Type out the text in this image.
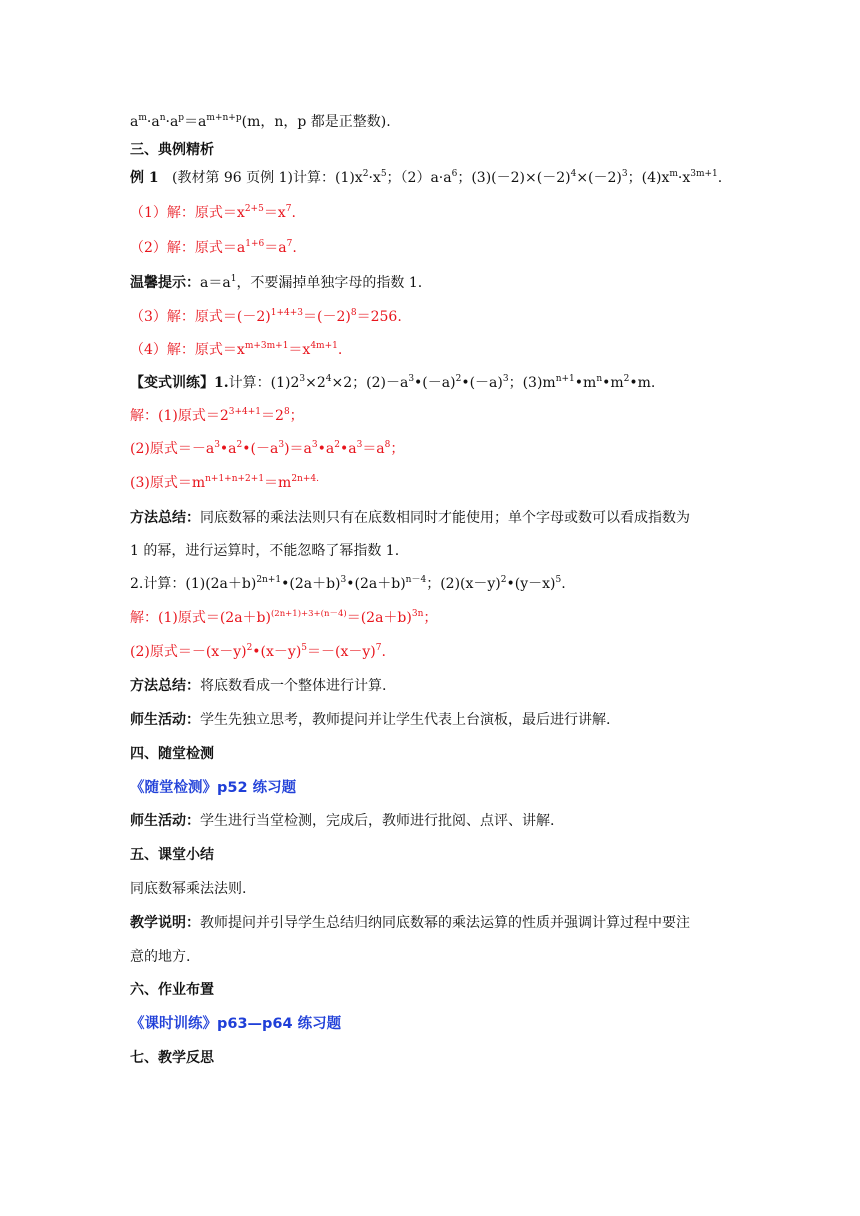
$a^m\cdot a^n\cdot a^p=a^{m+n+p}(m$，n，p 都是正整数).
三、典例精析
例 1 (教材第 96 页例 1)计算：$(1)x^2\cdot x^5$；$(2)a\cdot a^6$；$(3)(-2)\times(-2)^4\times(-2)^3$；$(4)x^m\cdot x^{3m+1}$.
（1）解：原式$=x^{2+5}=x^7$.
（2）解：原式$=a^{1+6}=a^7$.
温馨提示：$a=a^1$，不要漏掉单独字母的指数 1.
（3）解：原式$=(-2)^{1+4+3}=(-2)^8=256$.
（4）解：原式$=x^{m+3m+1}=x^{4m+1}$.
【变式训练】1.计算：$(1)2^3\times 2^4\times 2$；$(2)-a^3•(-a)^2•(-a)^3$；$(3)m^{n+1}•m^n•m^2•m$.
解：(1)原式$=2^{3+4+1}=2^8$；
(2)原式$=-a^3•a^2•(-a^3)=a^3•a^2•a^3=a^8$；
(3)原式$=m^{n+1+n+2+1}=m^{2n+4.}$
方法总结：同底数幂的乘法法则只有在底数相同时才能使用；单个字母或数可以看成指数为
1 的幂，进行运算时，不能忽略了幂指数 1.
2.计算：$(1)(2a+b)^{2n+1}•(2a+b)^3•(2a+b)^{n-4}$；$(2)(x-y)^2•(y-x)^5$.
解：(1)原式$=(2a+b)^{(2n+1)+3+(n-4)}=(2a+b)^{3n}$；
(2)原式$=-(x-y)^2•(x-y)^5=-(x-y)^7$.
方法总结：将底数看成一个整体进行计算.
师生活动：学生先独立思考，教师提问并让学生代表上台演板，最后进行讲解.
四、随堂检测
《随堂检测》p52 练习题
师生活动：学生进行当堂检测，完成后，教师进行批阅、点评、讲解.
五、课堂小结
同底数幂乘法法则.
教学说明：教师提问并引导学生总结归纳同底数幂的乘法运算的性质并强调计算过程中要注
意的地方.
六、作业布置
《课时训练》p63—p64 练习题
七、教学反思
